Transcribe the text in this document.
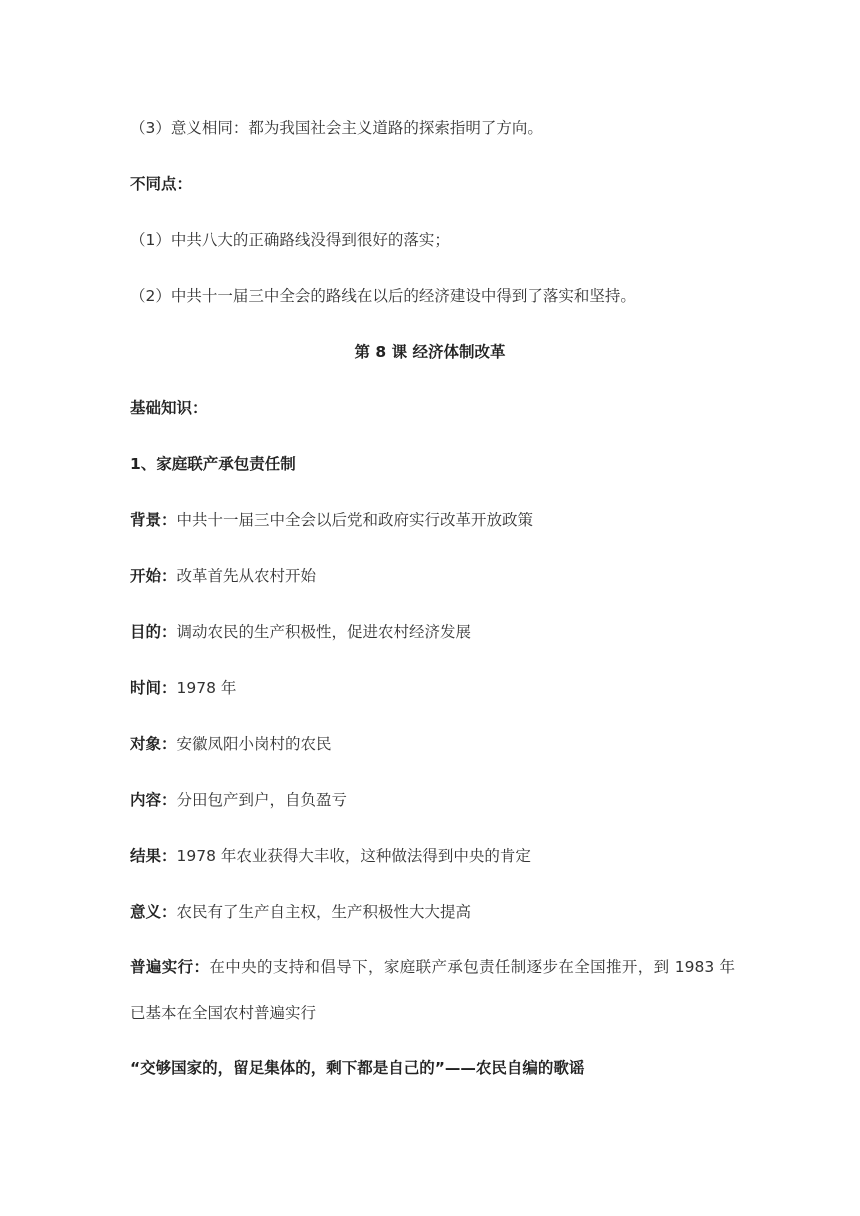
（3）意义相同：都为我国社会主义道路的探索指明了方向。
不同点：
（1）中共八大的正确路线没得到很好的落实；
（2）中共十一届三中全会的路线在以后的经济建设中得到了落实和坚持。
第 8 课 经济体制改革
基础知识：
1、家庭联产承包责任制
背景：中共十一届三中全会以后党和政府实行改革开放政策
开始：改革首先从农村开始
目的：调动农民的生产积极性，促进农村经济发展
时间：1978 年
对象：安徽凤阳小岗村的农民
内容：分田包产到户，自负盈亏
结果：1978 年农业获得大丰收，这种做法得到中央的肯定
意义：农民有了生产自主权，生产积极性大大提高
普遍实行：在中央的支持和倡导下，家庭联产承包责任制逐步在全国推开，到 1983 年已基本在全国农村普遍实行
“交够国家的，留足集体的，剩下都是自己的”——农民自编的歌谣
